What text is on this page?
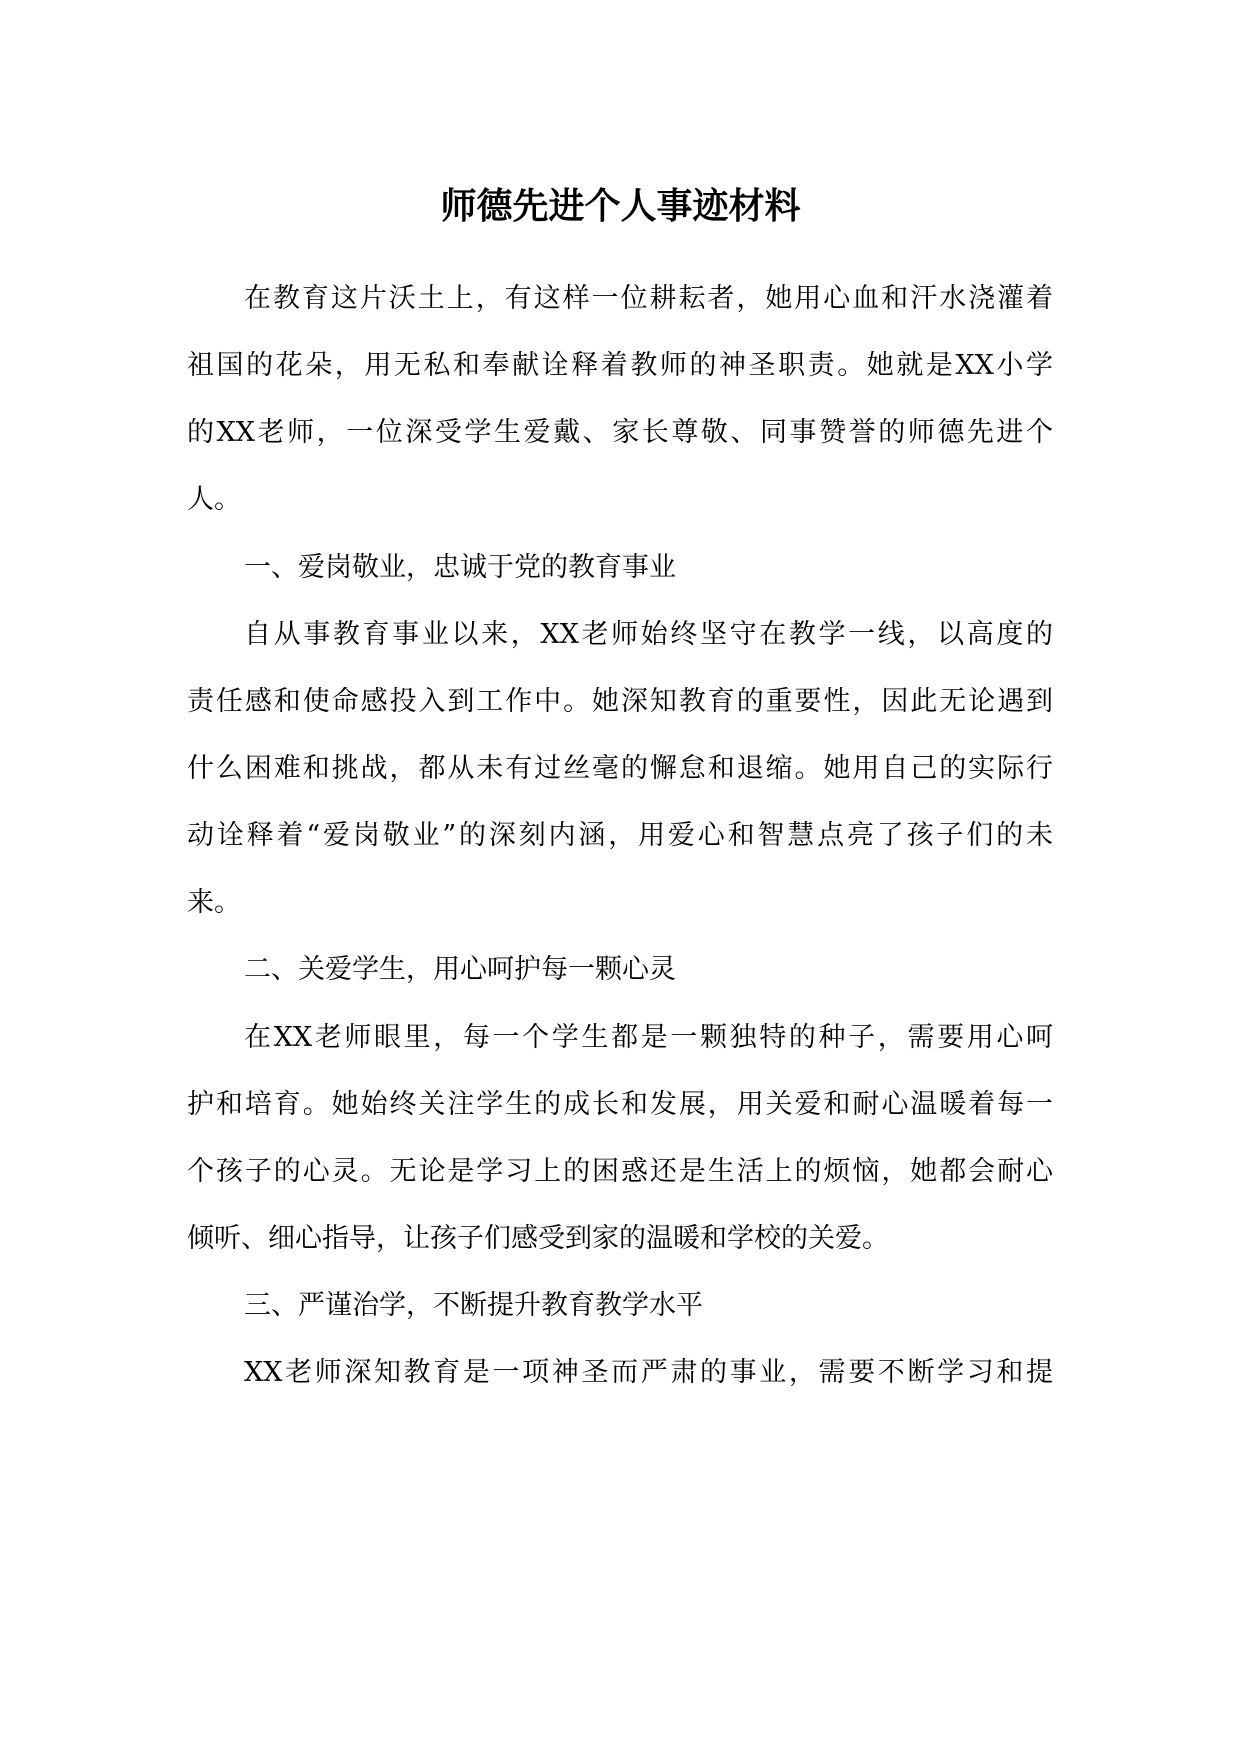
师德先进个人事迹材料
在教育这片沃土上，有这样一位耕耘者，她用心血和汗水浇灌着
祖国的花朵，用无私和奉献诠释着教师的神圣职责。她就是XX小学
的XX老师，一位深受学生爱戴、家长尊敬、同事赞誉的师德先进个
人。
一、爱岗敬业，忠诚于党的教育事业
自从事教育事业以来，XX老师始终坚守在教学一线，以高度的
责任感和使命感投入到工作中。她深知教育的重要性，因此无论遇到
什么困难和挑战，都从未有过丝毫的懈怠和退缩。她用自己的实际行
动诠释着“爱岗敬业”的深刻内涵，用爱心和智慧点亮了孩子们的未
来。
二、关爱学生，用心呵护每一颗心灵
在XX老师眼里，每一个学生都是一颗独特的种子，需要用心呵
护和培育。她始终关注学生的成长和发展，用关爱和耐心温暖着每一
个孩子的心灵。无论是学习上的困惑还是生活上的烦恼，她都会耐心
倾听、细心指导，让孩子们感受到家的温暖和学校的关爱。
三、严谨治学，不断提升教育教学水平
XX老师深知教育是一项神圣而严肃的事业，需要不断学习和提
